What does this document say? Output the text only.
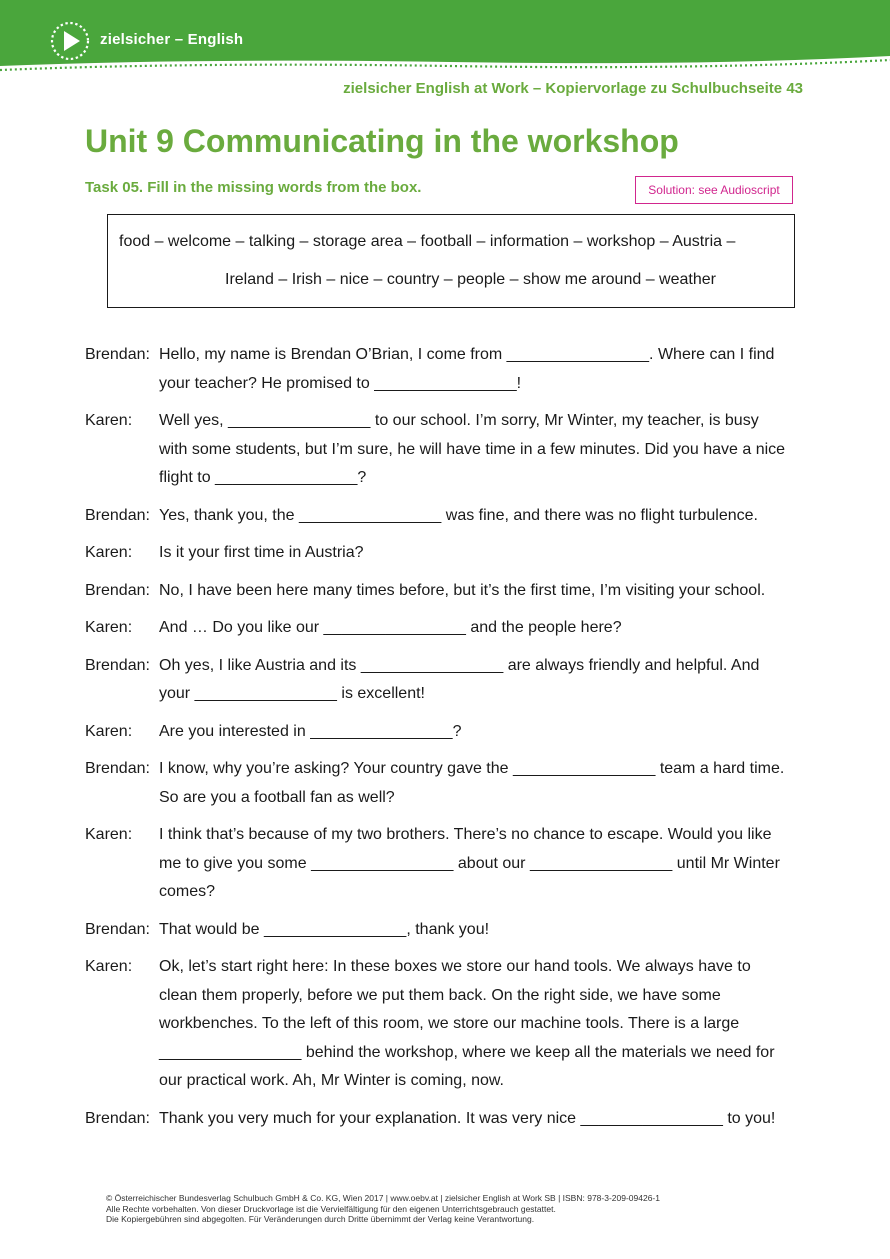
zielsicher – English
zielsicher English at Work – Kopiervorlage zu Schulbuchseite 43
Unit 9 Communicating in the workshop
Task 05. Fill in the missing words from the box.	Solution: see Audioscript
food – welcome – talking – storage area – football – information – workshop – Austria –
Ireland – Irish – nice – country – people – show me around – weather
Brendan: Hello, my name is Brendan O’Brian, I come from ________________. Where can I find your teacher? He promised to ________________!
Karen:	Well yes, ________________ to our school. I’m sorry, Mr Winter, my teacher, is busy with some students, but I’m sure, he will have time in a few minutes. Did you have a nice flight to ________________?
Brendan: Yes, thank you, the ________________ was fine, and there was no flight turbulence.
Karen:	Is it your first time in Austria?
Brendan: No, I have been here many times before, but it’s the first time, I’m visiting your school.
Karen:	And … Do you like our ________________ and the people here?
Brendan: Oh yes, I like Austria and its ________________ are always friendly and helpful. And your ________________ is excellent!
Karen:	Are you interested in ________________?
Brendan: I know, why you’re asking? Your country gave the ________________ team a hard time. So are you a football fan as well?
Karen:	I think that’s because of my two brothers. There’s no chance to escape. Would you like me to give you some ________________ about our ________________ until Mr Winter comes?
Brendan: That would be ________________, thank you!
Karen:	Ok, let’s start right here: In these boxes we store our hand tools. We always have to clean them properly, before we put them back. On the right side, we have some workbenches. To the left of this room, we store our machine tools. There is a large ________________ behind the workshop, where we keep all the materials we need for our practical work. Ah, Mr Winter is coming, now.
Brendan: Thank you very much for your explanation. It was very nice ________________ to you!
© Österreichischer Bundesverlag Schulbuch GmbH & Co. KG, Wien 2017 | www.oebv.at | zielsicher English at Work SB | ISBN: 978-3-209-09426-1
Alle Rechte vorbehalten. Von dieser Druckvorlage ist die Vervielfältigung für den eigenen Unterrichtsgebrauch gestattet.
Die Kopiergebühren sind abgegolten. Für Veränderungen durch Dritte übernimmt der Verlag keine Verantwortung.
